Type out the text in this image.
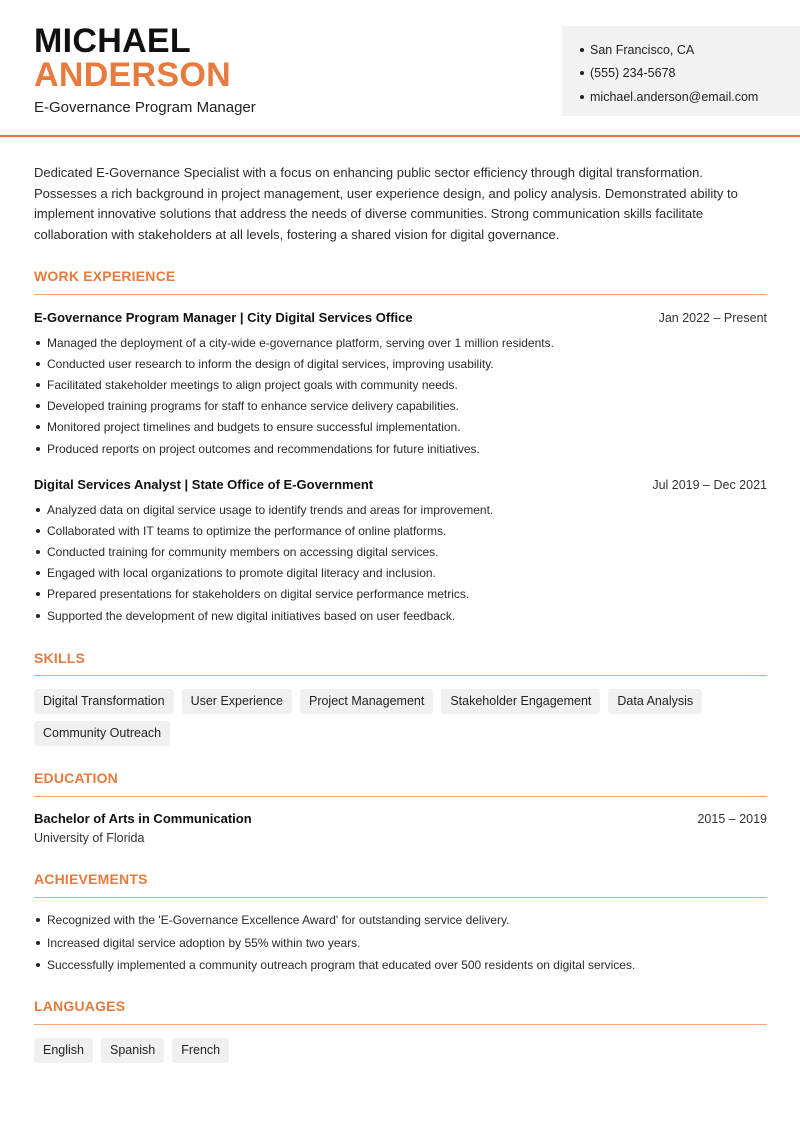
MICHAEL
ANDERSON
E-Governance Program Manager
San Francisco, CA
(555) 234-5678
michael.anderson@email.com

Dedicated E-Governance Specialist with a focus on enhancing public sector efficiency through digital transformation. Possesses a rich background in project management, user experience design, and policy analysis. Demonstrated ability to implement innovative solutions that address the needs of diverse communities. Strong communication skills facilitate collaboration with stakeholders at all levels, fostering a shared vision for digital governance.

WORK EXPERIENCE
E-Governance Program Manager | City Digital Services Office	Jan 2022 – Present
Managed the deployment of a city-wide e-governance platform, serving over 1 million residents.
Conducted user research to inform the design of digital services, improving usability.
Facilitated stakeholder meetings to align project goals with community needs.
Developed training programs for staff to enhance service delivery capabilities.
Monitored project timelines and budgets to ensure successful implementation.
Produced reports on project outcomes and recommendations for future initiatives.
Digital Services Analyst | State Office of E-Government	Jul 2019 – Dec 2021
Analyzed data on digital service usage to identify trends and areas for improvement.
Collaborated with IT teams to optimize the performance of online platforms.
Conducted training for community members on accessing digital services.
Engaged with local organizations to promote digital literacy and inclusion.
Prepared presentations for stakeholders on digital service performance metrics.
Supported the development of new digital initiatives based on user feedback.
SKILLS
Digital Transformation	User Experience	Project Management	Stakeholder Engagement	Data Analysis
Community Outreach
EDUCATION
Bachelor of Arts in Communication	2015 – 2019
University of Florida
ACHIEVEMENTS
Recognized with the 'E-Governance Excellence Award' for outstanding service delivery.
Increased digital service adoption by 55% within two years.
Successfully implemented a community outreach program that educated over 500 residents on digital services.
LANGUAGES
English	Spanish	French
